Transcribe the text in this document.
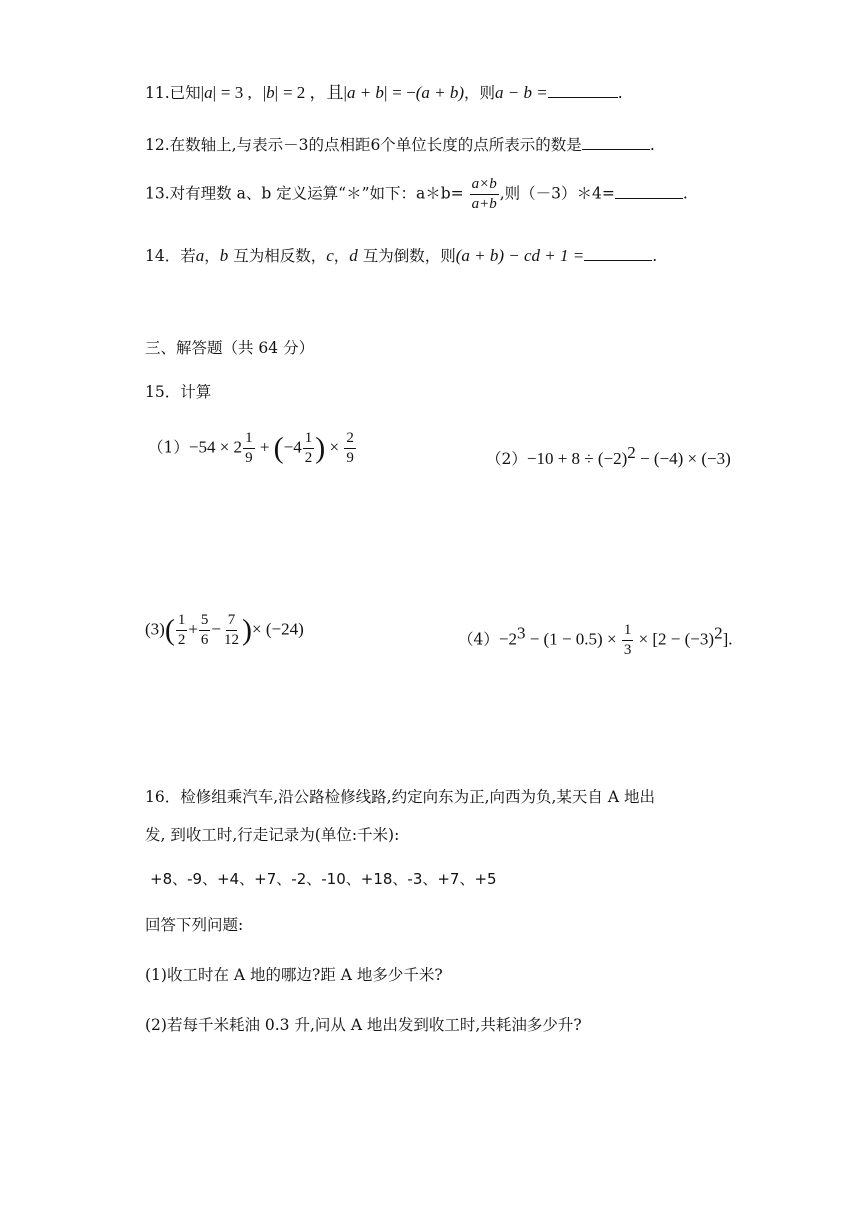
11.已知|a| = 3 , |b| = 2 ，且|a + b| = −(a + b)，则a − b =	.
12.在数轴上,与表示－3的点相距6个单位长度的点所表示的数是	.
13.对有理数 a、b 定义运算“＊”如下：a＊b= $\frac{a\times b}{a+b}$ ,则（－3）＊4=	.
14．若a，b 互为相反数，c，d 互为倒数，则(a + b) − cd + 1 =	.
三、解答题（共 64 分）
15．计算
$(1)-54 \times 2 \frac{1}{9} + (-4 \frac{1}{2}$ ) × $\frac{2}{9}$	$(2)-10 + 8 \div (-2)^2 - (-4) \times (-3)$
$(3)( \frac{1}{2} + \frac{5}{6} - \frac{7}{12}$ )× (−24)
$(4)-2^3 - (1 - 0.5) \times \frac{1}{3} \times [2 - (-3)^2]$.
16．检修组乘汽车,沿公路检修线路,约定向东为正,向西为负,某天自 A 地出
发, 到收工时,行走记录为(单位:千米):
+8、-9、+4、+7、-2、-10、+18、-3、+7、+5
回答下列问题:
(1)收工时在 A 地的哪边?距 A 地多少千米?
(2)若每千米耗油 0.3 升,问从 A 地出发到收工时,共耗油多少升?
